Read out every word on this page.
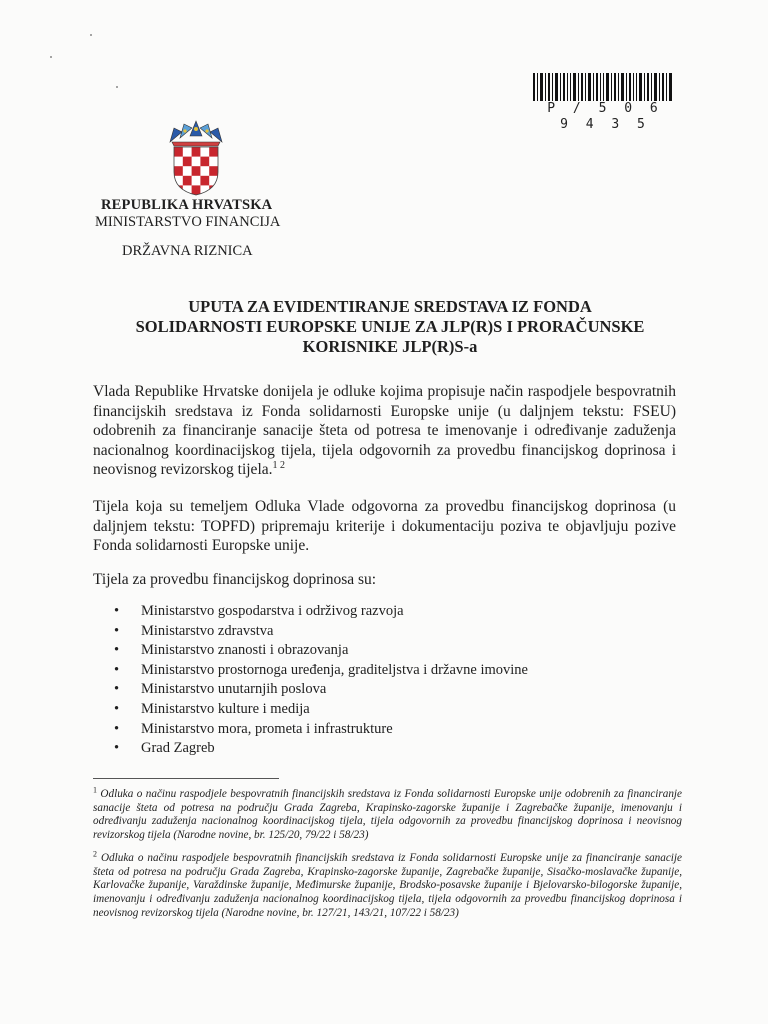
P / 5 0 6 9 4 3 5
REPUBLIKA HRVATSKA
MINISTARSTVO FINANCIJA
DRŽAVNA RIZNICA
UPUTA ZA EVIDENTIRANJE SREDSTAVA IZ FONDA
SOLIDARNOSTI EUROPSKE UNIJE ZA JLP(R)S I PRORAČUNSKE
KORISNIKE JLP(R)S-a
Vlada Republike Hrvatske donijela je odluke kojima propisuje način raspodjele bespovratnih financijskih sredstava iz Fonda solidarnosti Europske unije (u daljnjem tekstu: FSEU) odobrenih za financiranje sanacije šteta od potresa te imenovanje i određivanje zaduženja nacionalnog koordinacijskog tijela, tijela odgovornih za provedbu financijskog doprinosa i neovisnog revizorskog tijela.$^{1 2}$
Tijela koja su temeljem Odluka Vlade odgovorna za provedbu financijskog doprinosa (u daljnjem tekstu: TOPFD) pripremaju kriterije i dokumentaciju poziva te objavljuju pozive Fonda solidarnosti Europske unije.
Tijela za provedbu financijskog doprinosa su:
• Ministarstvo gospodarstva i održivog razvoja
• Ministarstvo zdravstva
• Ministarstvo znanosti i obrazovanja
• Ministarstvo prostornoga uređenja, graditeljstva i državne imovine
• Ministarstvo unutarnjih poslova
• Ministarstvo kulture i medija
• Ministarstvo mora, prometa i infrastrukture
• Grad Zagreb
$^1$ Odluka o načinu raspodjele bespovratnih financijskih sredstava iz Fonda solidarnosti Europske unije odobrenih za financiranje sanacije šteta od potresa na području Grada Zagreba, Krapinsko-zagorske županije i Zagrebačke županije, imenovanju i određivanju zaduženja nacionalnog koordinacijskog tijela, tijela odgovornih za provedbu financijskog doprinosa i neovisnog revizorskog tijela (Narodne novine, br. 125/20, 79/22 i 58/23)
$^2$ Odluka o načinu raspodjele bespovratnih financijskih sredstava iz Fonda solidarnosti Europske unije za financiranje sanacije šteta od potresa na području Grada Zagreba, Krapinsko-zagorske županije, Zagrebačke županije, Sisačko-moslavačke županije, Karlovačke županije, Varaždinske županije, Međimurske županije, Brodsko-posavske županije i Bjelovarsko-bilogorske županije, imenovanju i određivanju zaduženja nacionalnog koordinacijskog tijela, tijela odgovornih za provedbu financijskog doprinosa i neovisnog revizorskog tijela (Narodne novine, br. 127/21, 143/21, 107/22 i 58/23)
